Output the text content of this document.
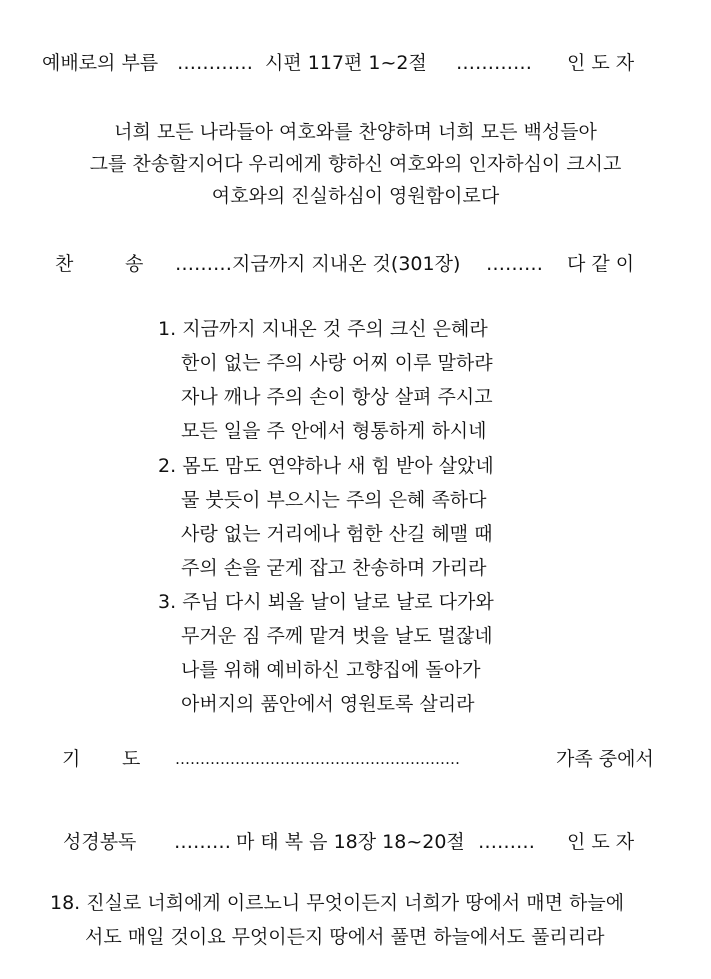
예배로의 부름 ………… 시편 117편 1~2절 ………… 인 도 자
너희 모든 나라들아 여호와를 찬양하며 너희 모든 백성들아
그를 찬송할지어다 우리에게 향하신 여호와의 인자하심이 크시고
여호와의 진실하심이 영원함이로다
찬	송 ……… 지금까지 지내온 것(301장) ……… 다 같 이
1. 지금까지 지내온 것 주의 크신 은혜라
한이 없는 주의 사랑 어찌 이루 말하랴
자나 깨나 주의 손이 항상 살펴 주시고
모든 일을 주 안에서 형통하게 하시네
2. 몸도 맘도 연약하나 새 힘 받아 살았네
물 붓듯이 부으시는 주의 은혜 족하다
사랑 없는 거리에나 험한 산길 헤맬 때
주의 손을 굳게 잡고 찬송하며 가리라
3. 주님 다시 뵈올 날이 날로 날로 다가와
무거운 짐 주께 맡겨 벗을 날도 멀잖네
나를 위해 예비하신 고향집에 돌아가
아버지의 품안에서 영원토록 살리라
기 도 …………………………………………………	가족 중에서
성경봉독 ……… 마 태 복 음 18장 18~20절 ……… 인 도 자
18. 진실로 너희에게 이르노니 무엇이든지 너희가 땅에서 매면 하늘에
서도 매일 것이요 무엇이든지 땅에서 풀면 하늘에서도 풀리리라
